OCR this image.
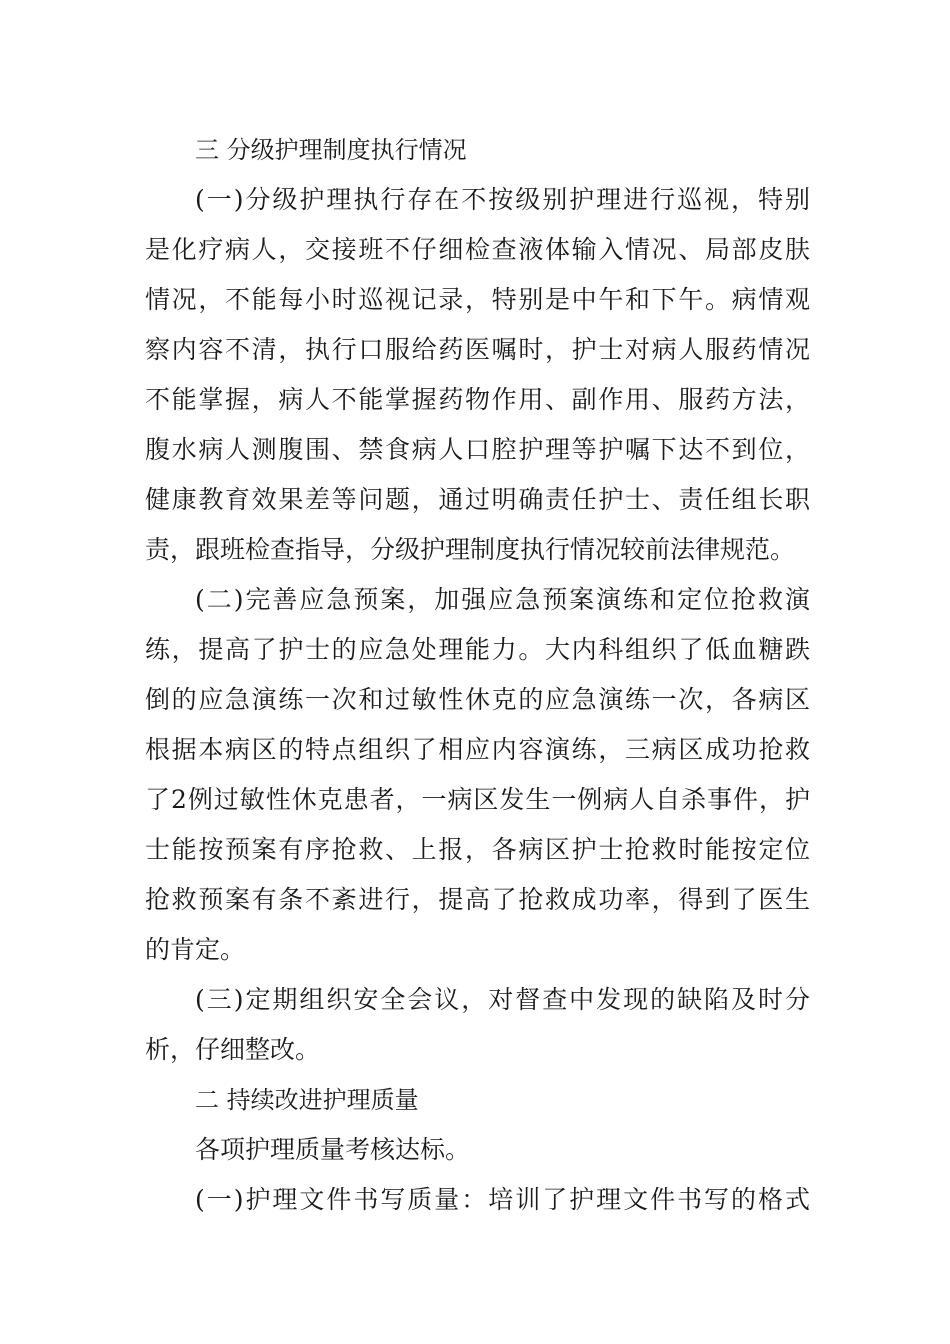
三 分级护理制度执行情况
(一)分级护理执行存在不按级别护理进行巡视，特别
是化疗病人，交接班不仔细检查液体输入情况、局部皮肤
情况，不能每小时巡视记录，特别是中午和下午。病情观
察内容不清，执行口服给药医嘱时，护士对病人服药情况
不能掌握，病人不能掌握药物作用、副作用、服药方法，
腹水病人测腹围、禁食病人口腔护理等护嘱下达不到位，
健康教育效果差等问题，通过明确责任护士、责任组长职
责，跟班检查指导，分级护理制度执行情况较前法律规范。
(二)完善应急预案，加强应急预案演练和定位抢救演
练，提高了护士的应急处理能力。大内科组织了低血糖跌
倒的应急演练一次和过敏性休克的应急演练一次，各病区
根据本病区的特点组织了相应内容演练，三病区成功抢救
了2例过敏性休克患者，一病区发生一例病人自杀事件，护
士能按预案有序抢救、上报，各病区护士抢救时能按定位
抢救预案有条不紊进行，提高了抢救成功率，得到了医生
的肯定。
(三)定期组织安全会议，对督查中发现的缺陷及时分
析，仔细整改。
二 持续改进护理质量
各项护理质量考核达标。
(一)护理文件书写质量：培训了护理文件书写的格式
